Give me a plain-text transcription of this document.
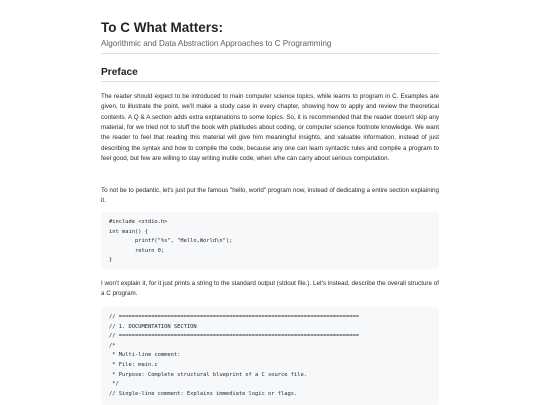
To C What Matters:
Algorithmic and Data Abstraction Approaches to C Programming
Preface

The reader should expect to be introduced to main computer science topics, while learns to program in C. Examples are given, to illustrate the point, we'll make a study case in every chapter, showing how to apply and review the theoretical contents. A Q & A section adds extra explanations to some topics. So, it is recommended that the reader doesn't skip any material, for we tried not to stuff the book with platitudes about coding, or computer science footnote knowledge. We want the reader to feel that reading this material will give him meaningful insights, and valuable information, instead of just describing the syntax and how to compile the code, because any one can learn syntactic rules and compile a program to feel good, but few are willing to stay writing inutile code, when s/he can carry about serious computation.

To not be to pedantic, let's just put the famous "hello, world" program now, instead of dedicating a entire section explaining it.

#include <stdio.h>
int main() {
printf("%s", "Hello,World\n");
return 0;
}

I won't explain it, for it just prints a string to the standard output (stdout file.). Let's instead, describe the overall structure of a C program.

// ==========================================================================
// 1. DOCUMENTATION SECTION
// ==========================================================================
/*
* Multi-line comment:
* File: main.c
* Purpose: Complete structural blueprint of a C source file.
*/
// Single-line comment: Explains immediate logic or flags.
